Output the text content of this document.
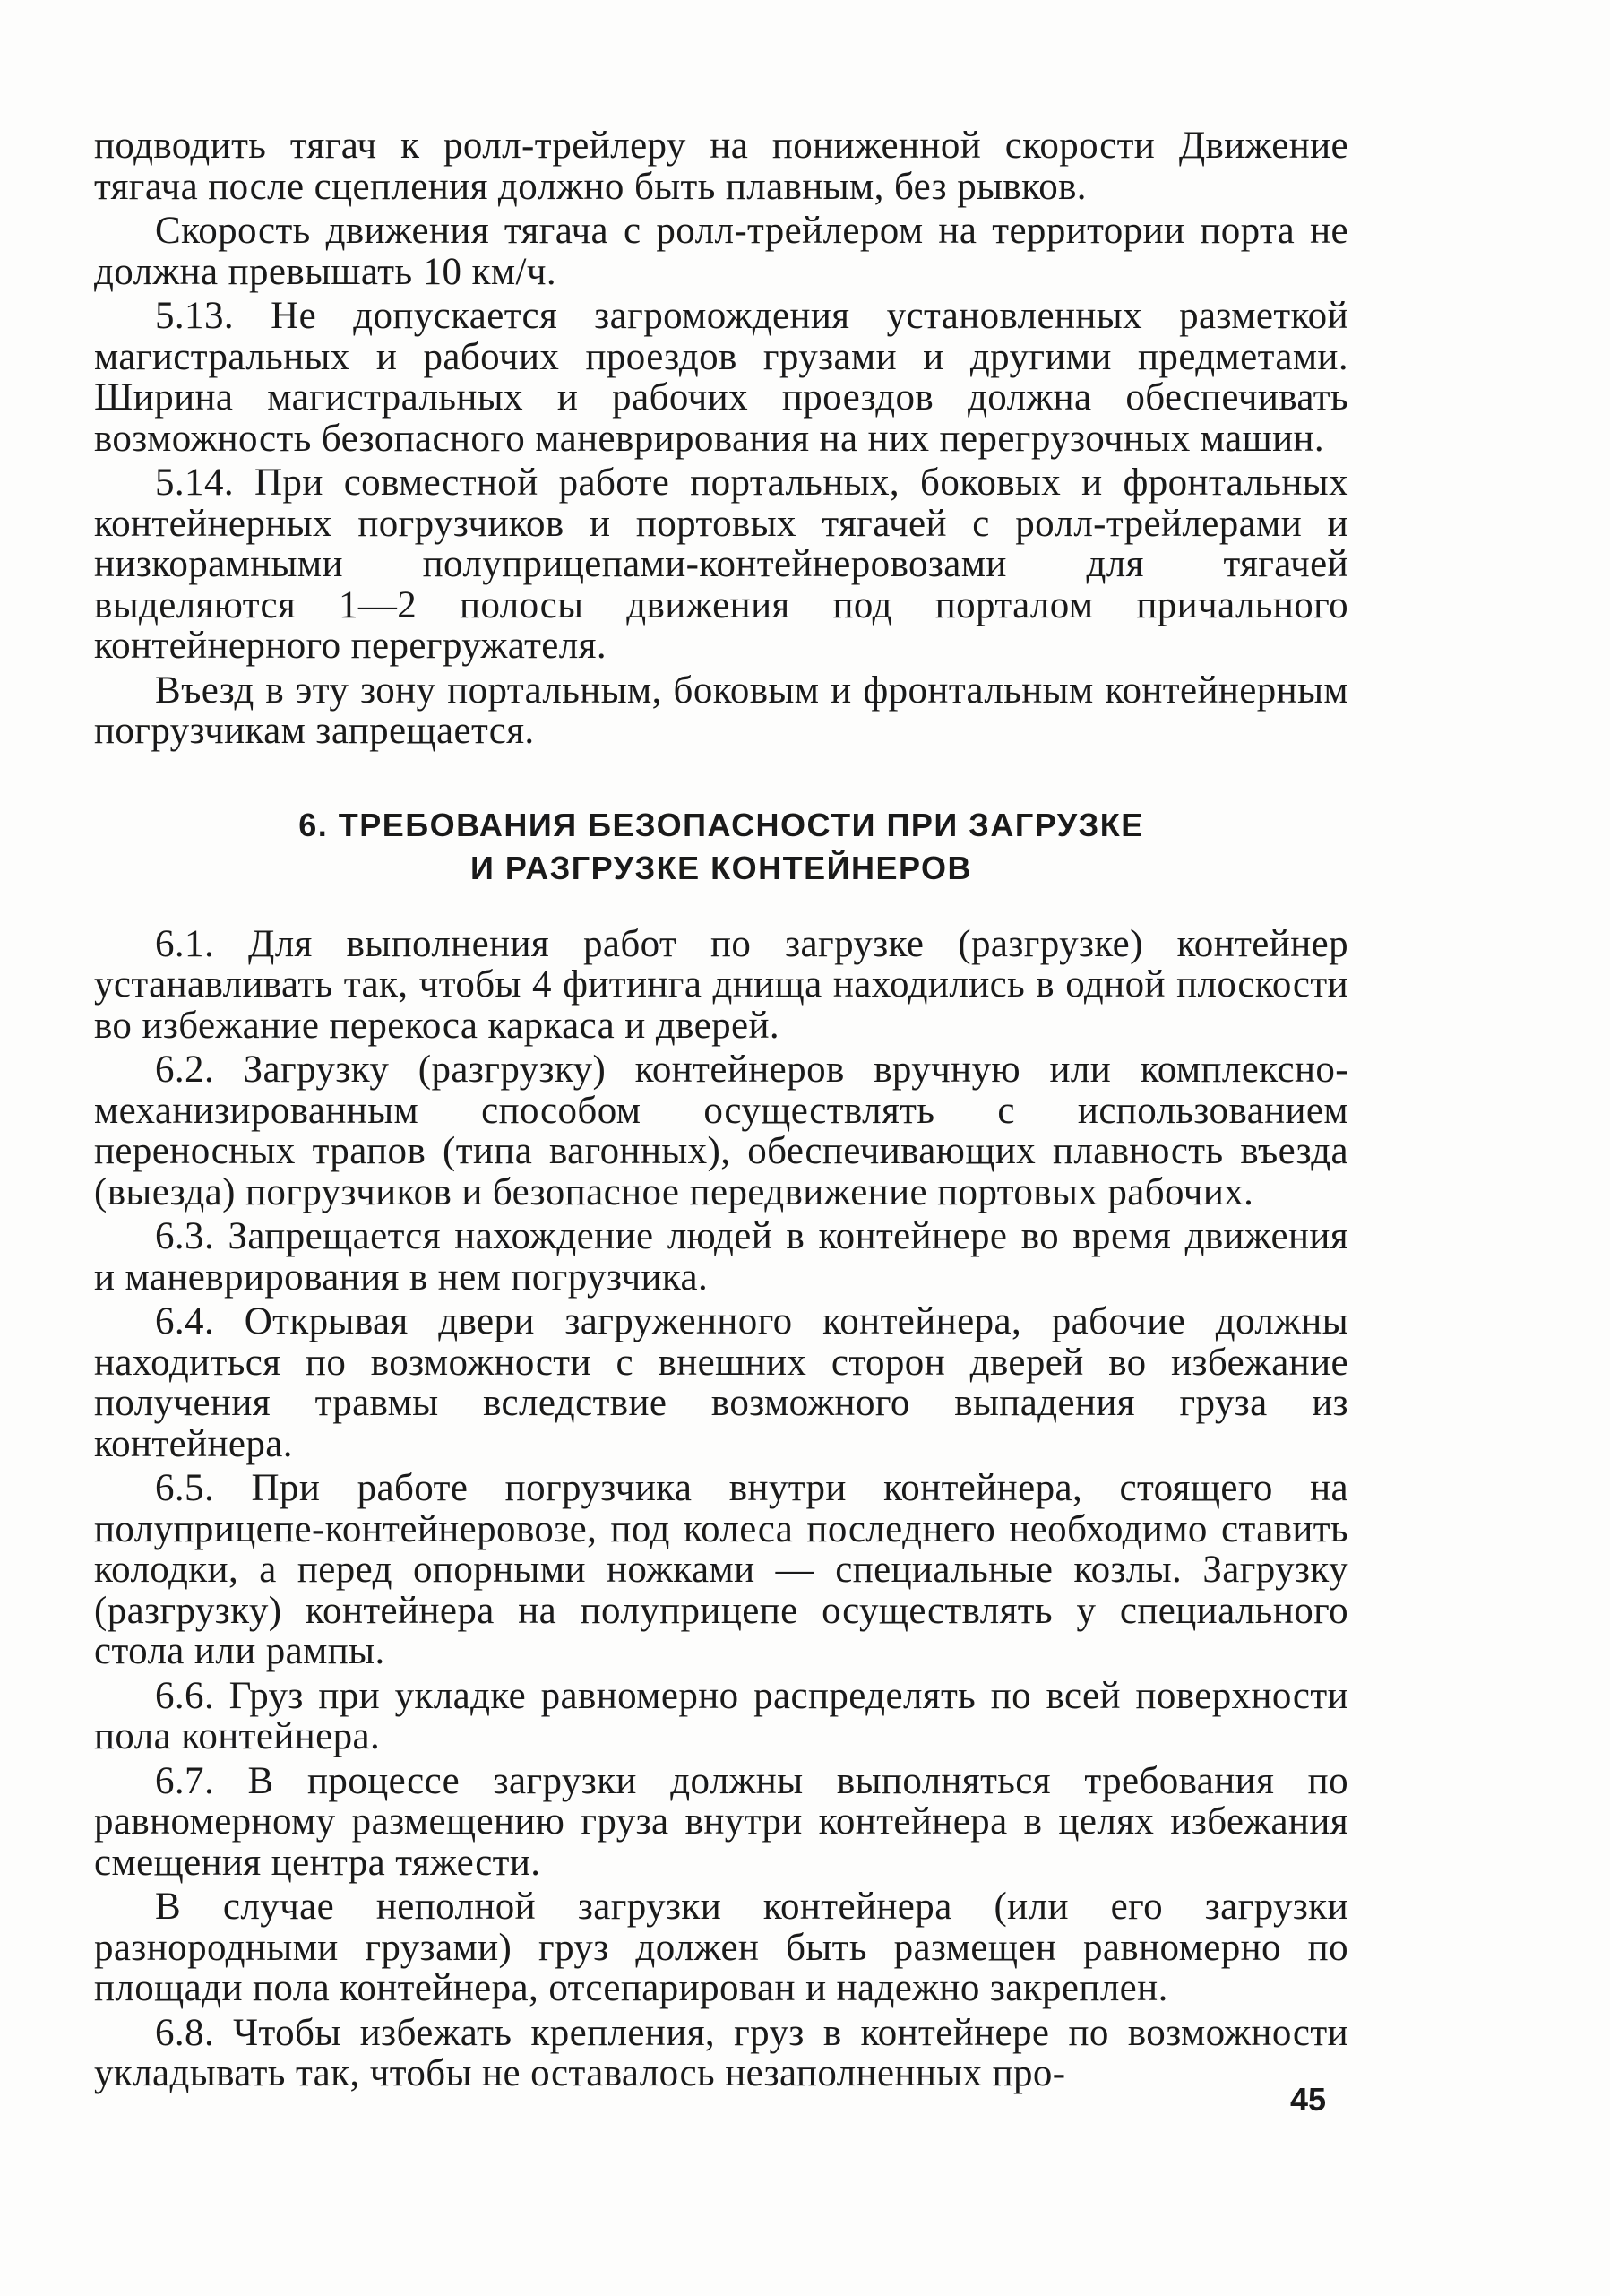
подводить тягач к ролл-трейлеру на пониженной скорости Движение тягача после сцепления должно быть плавным, без рывков.

Скорость движения тягача с ролл-трейлером на территории порта не должна превышать 10 км/ч.

5.13. Не допускается загромождения установленных разметкой магистральных и рабочих проездов грузами и другими предметами. Ширина магистральных и рабочих проездов должна обеспечивать возможность безопасного маневрирования на них перегрузочных машин.

5.14. При совместной работе портальных, боковых и фронтальных контейнерных погрузчиков и портовых тягачей с ролл-трейлерами и низкорамными полуприцепами-контейнеровозами для тягачей выделяются 1—2 полосы движения под порталом причального контейнерного перегружателя.

Въезд в эту зону портальным, боковым и фронтальным контейнерным погрузчикам запрещается.

6. ТРЕБОВАНИЯ БЕЗОПАСНОСТИ ПРИ ЗАГРУЗКЕ
И РАЗГРУЗКЕ КОНТЕЙНЕРОВ

6.1. Для выполнения работ по загрузке (разгрузке) контейнер устанавливать так, чтобы 4 фитинга днища находились в одной плоскости во избежание перекоса каркаса и дверей.

6.2. Загрузку (разгрузку) контейнеров вручную или комплексно-механизированным способом осуществлять с использованием переносных трапов (типа вагонных), обеспечивающих плавность въезда (выезда) погрузчиков и безопасное передвижение портовых рабочих.

6.3. Запрещается нахождение людей в контейнере во время движения и маневрирования в нем погрузчика.

6.4. Открывая двери загруженного контейнера, рабочие должны находиться по возможности с внешних сторон дверей во избежание получения травмы вследствие возможного выпадения груза из контейнера.

6.5. При работе погрузчика внутри контейнера, стоящего на полуприцепе-контейнеровозе, под колеса последнего необходимо ставить колодки, а перед опорными ножками — специальные козлы. Загрузку (разгрузку) контейнера на полуприцепе осуществлять у специального стола или рампы.

6.6. Груз при укладке равномерно распределять по всей поверхности пола контейнера.

6.7. В процессе загрузки должны выполняться требования по равномерному размещению груза внутри контейнера в целях избежания смещения центра тяжести.

В случае неполной загрузки контейнера (или его загрузки разнородными грузами) груз должен быть размещен равномерно по площади пола контейнера, отсепарирован и надежно закреплен.

6.8. Чтобы избежать крепления, груз в контейнере по возможности укладывать так, чтобы не оставалось незаполненных про-

45
